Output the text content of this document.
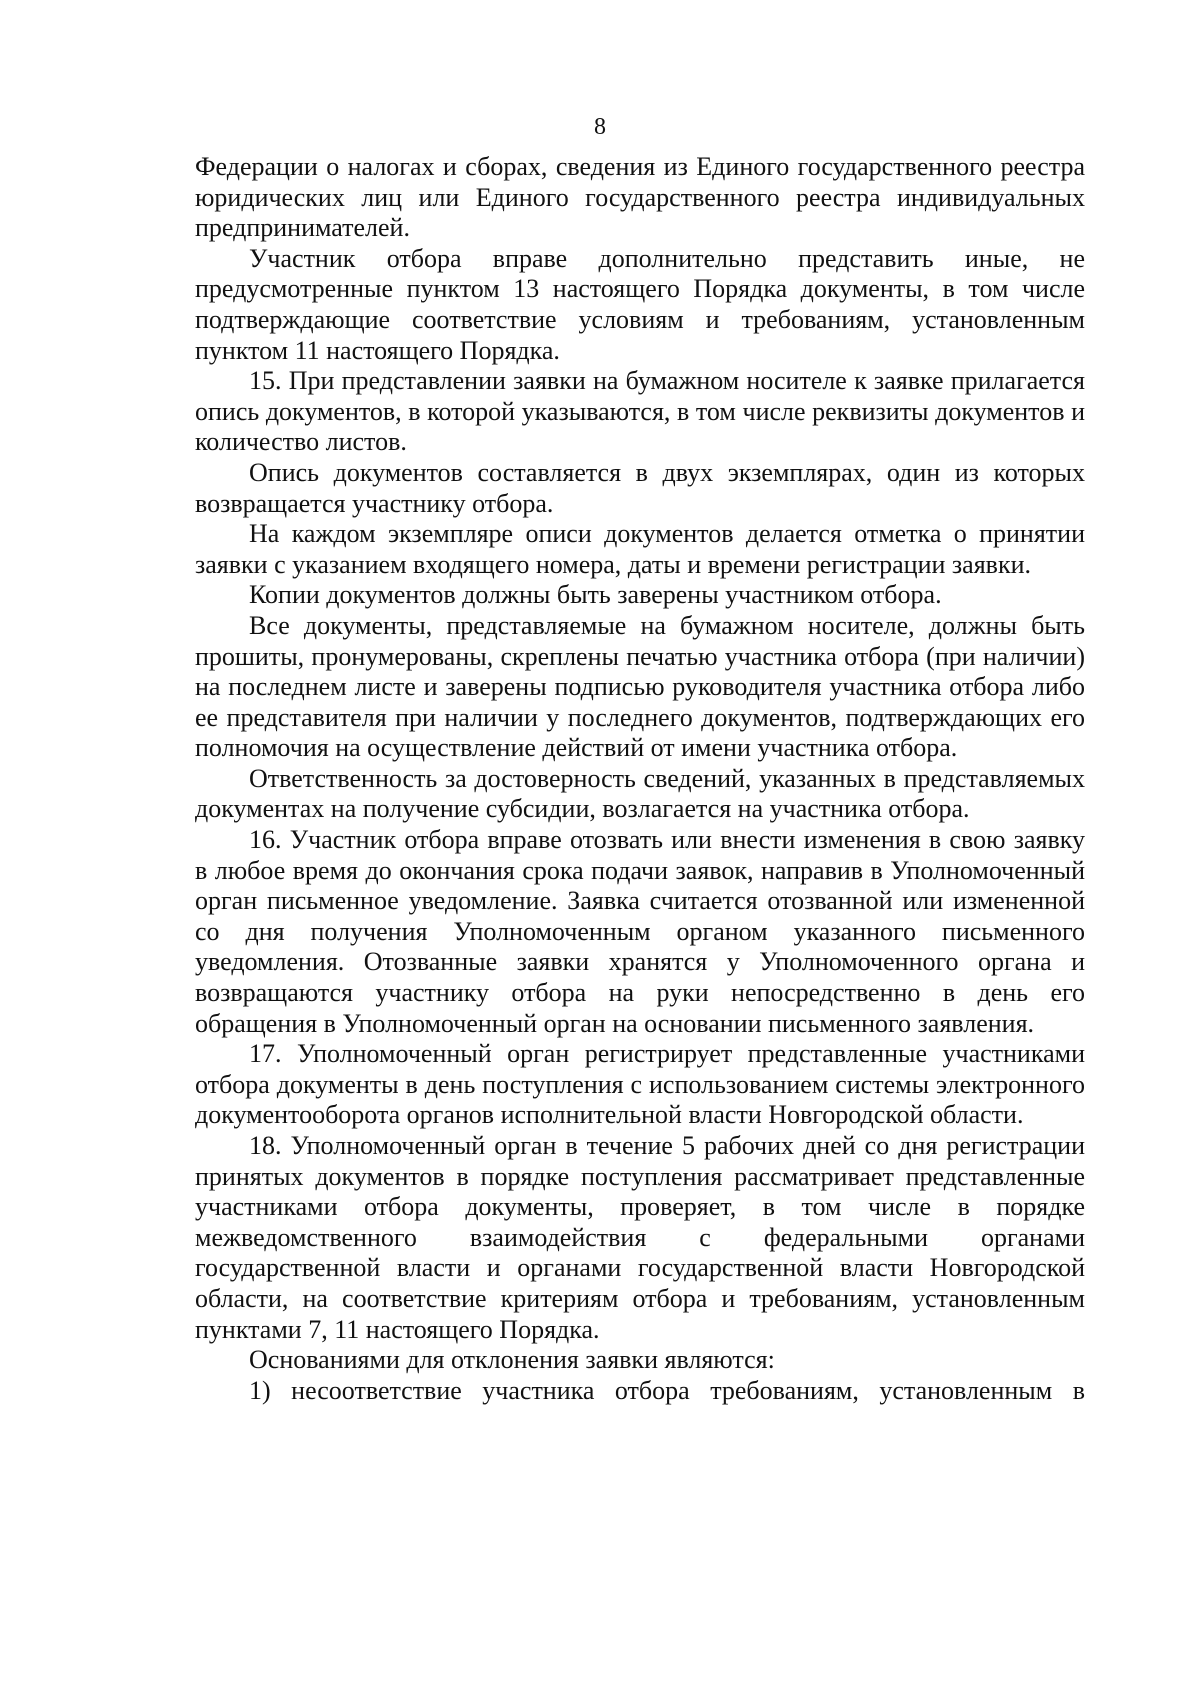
8

Федерации о налогах и сборах, сведения из Единого государственного реестра юридических лиц или Единого государственного реестра индивидуальных предпринимателей.

Участник отбора вправе дополнительно представить иные, не предусмотренные пунктом 13 настоящего Порядка документы, в том числе подтверждающие соответствие условиям и требованиям, установленным пунктом 11 настоящего Порядка.

15. При представлении заявки на бумажном носителе к заявке прилагается опись документов, в которой указываются, в том числе реквизиты документов и количество листов.

Опись документов составляется в двух экземплярах, один из которых возвращается участнику отбора.

На каждом экземпляре описи документов делается отметка о принятии заявки с указанием входящего номера, даты и времени регистрации заявки.

Копии документов должны быть заверены участником отбора.

Все документы, представляемые на бумажном носителе, должны быть прошиты, пронумерованы, скреплены печатью участника отбора (при наличии) на последнем листе и заверены подписью руководителя участника отбора либо ее представителя при наличии у последнего документов, подтверждающих его полномочия на осуществление действий от имени участника отбора.

Ответственность за достоверность сведений, указанных в представляемых документах на получение субсидии, возлагается на участника отбора.

16. Участник отбора вправе отозвать или внести изменения в свою заявку в любое время до окончания срока подачи заявок, направив в Уполномоченный орган письменное уведомление. Заявка считается отозванной или измененной со дня получения Уполномоченным органом указанного письменного уведомления. Отозванные заявки хранятся у Уполномоченного органа и возвращаются участнику отбора на руки непосредственно в день его обращения в Уполномоченный орган на основании письменного заявления.

17. Уполномоченный орган регистрирует представленные участниками отбора документы в день поступления с использованием системы электронного документооборота органов исполнительной власти Новгородской области.

18. Уполномоченный орган в течение 5 рабочих дней со дня регистрации принятых документов в порядке поступления рассматривает представленные участниками отбора документы, проверяет, в том числе в порядке межведомственного взаимодействия с федеральными органами государственной власти и органами государственной власти Новгородской области, на соответствие критериям отбора и требованиям, установленным пунктами 7, 11 настоящего Порядка.

Основаниями для отклонения заявки являются:

1) несоответствие участника отбора требованиям, установленным в
